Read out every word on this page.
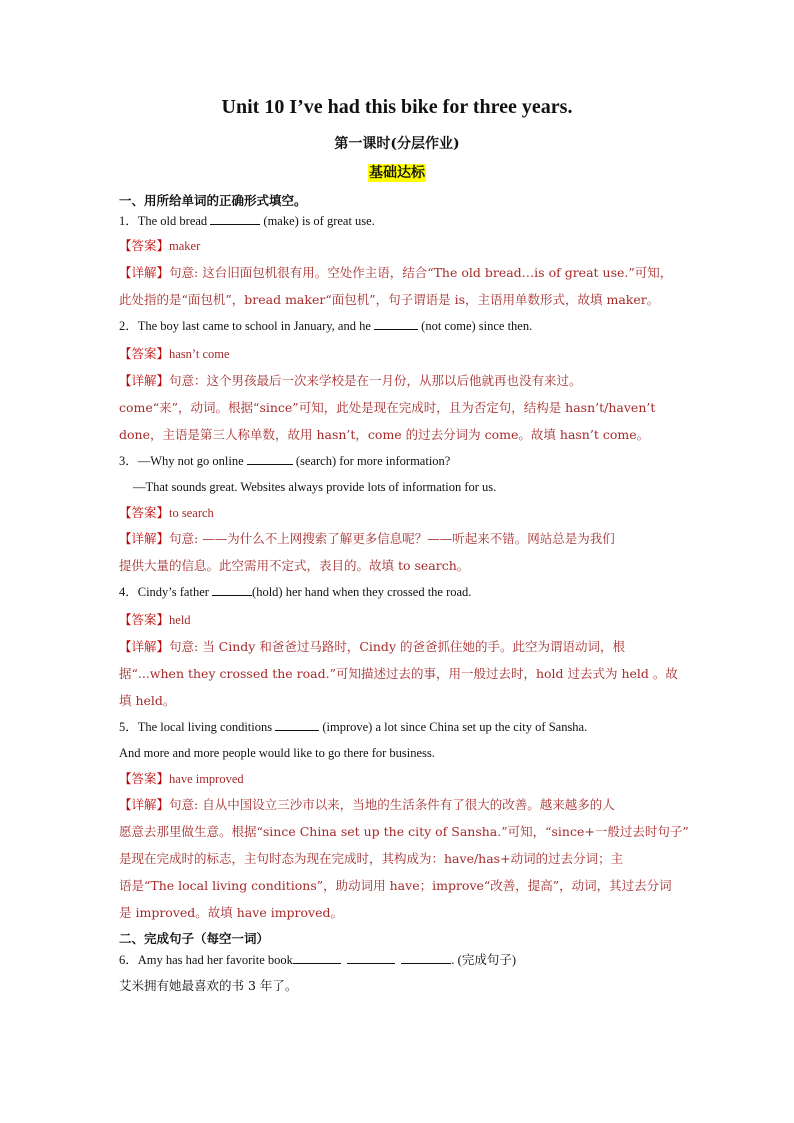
Unit 10 I’ve had this bike for three years.
第一课时(分层作业)
基础达标
一、用所给单词的正确形式填空。
1．The old bread	(make) is of great use.
【答案】maker
【详解】句意: 这台旧面包机很有用。空处作主语，结合“The old bread…is of great use.”可知，
此处指的是“面包机”，bread maker“面包机”，句子谓语是 is，主语用单数形式，故填 maker。
2．The boy last came to school in January, and he	(not come) since then.
【答案】hasn’t come
【详解】句意：这个男孩最后一次来学校是在一月份，从那以后他就再也没有来过。
come“来”，动词。根据“since”可知，此处是现在完成时，且为否定句，结构是 hasn’t/haven’t
done，主语是第三人称单数，故用 hasn’t，come 的过去分词为 come。故填 hasn’t come。
3．—Why not go online	(search) for more information?
—That sounds great. Websites always provide lots of information for us.
【答案】to search
【详解】句意: ——为什么不上网搜索了解更多信息呢？——听起来不错。网站总是为我们
提供大量的信息。此空需用不定式，表目的。故填 to search。
4．Cindy’s father	(hold) her hand when they crossed the road.
【答案】held
【详解】句意: 当 Cindy 和爸爸过马路时，Cindy 的爸爸抓住她的手。此空为谓语动词，根
据“...when they crossed the road.”可知描述过去的事，用一般过去时，hold 过去式为 held 。故
填 held。
5．The local living conditions	(improve) a lot since China set up the city of Sansha.
And more and more people would like to go there for business.
【答案】have improved
【详解】句意: 自从中国设立三沙市以来，当地的生活条件有了很大的改善。越来越多的人
愿意去那里做生意。根据“since China set up the city of Sansha.”可知，“since+一般过去时句子”
是现在完成时的标志，主句时态为现在完成时，其构成为：have/has+动词的过去分词；主
语是“The local living conditions”，助动词用 have；improve“改善，提高”，动词，其过去分词
是 improved。故填 have improved。
二、完成句子（每空一词）
6．Amy has had her favorite book	. (完成句子)
艾米拥有她最喜欢的书 3 年了。
